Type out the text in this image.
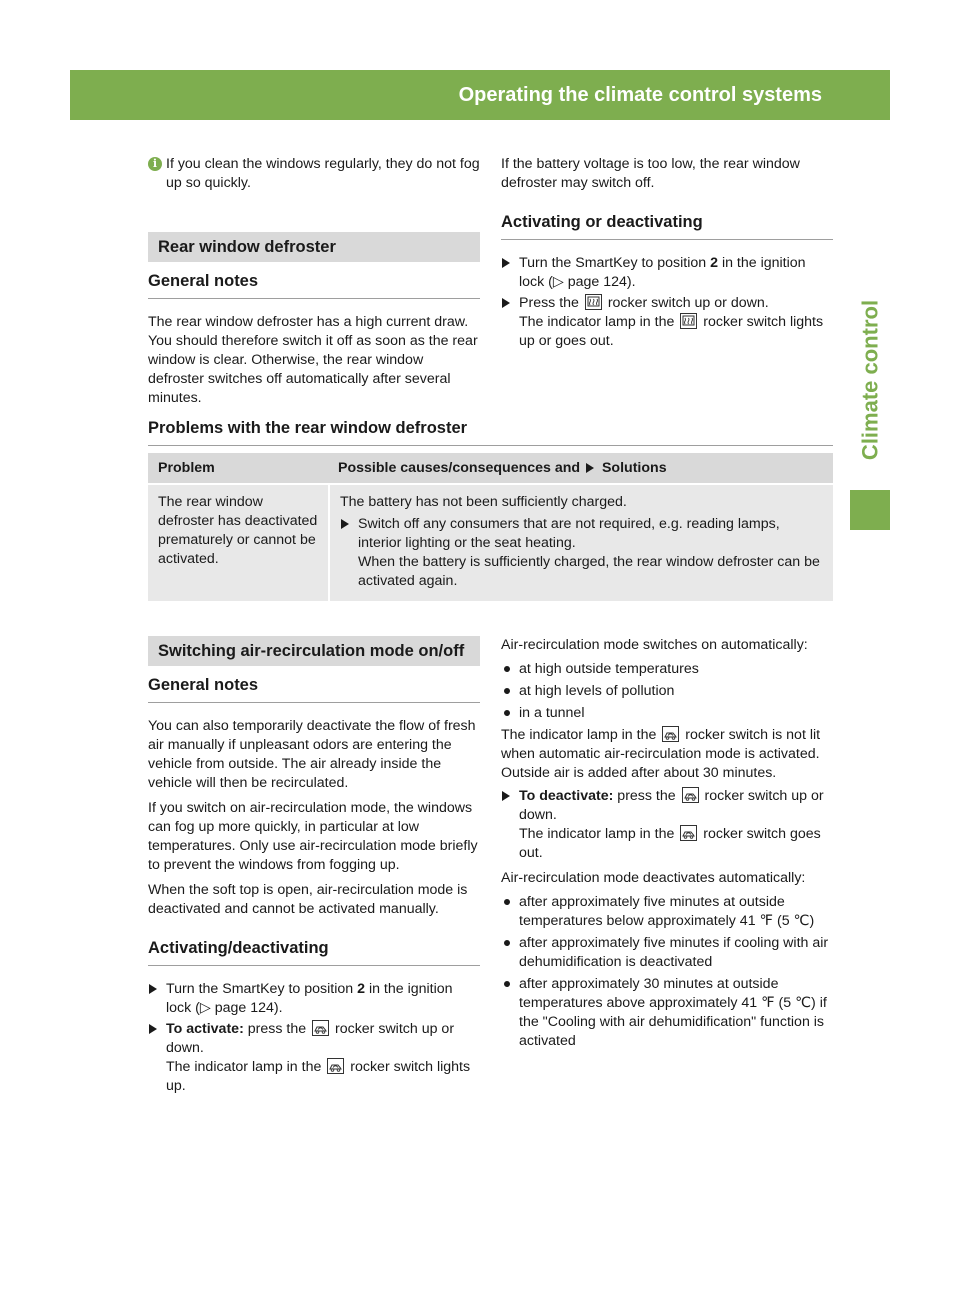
Operating the climate control systems	119
Climate control
i If you clean the windows regularly, they do not fog up so quickly.
Rear window defroster
General notes

The rear window defroster has a high current draw. You should therefore switch it off as soon as the rear window is clear. Otherwise, the rear window defroster switches off automatically after several minutes.

If the battery voltage is too low, the rear window defroster may switch off.

Activating or deactivating
Turn the SmartKey to position 2 in the ignition lock (▷ page 124).
Press the
rocker switch up or down.
The indicator lamp in the
rocker switch lights up or goes out.
Problems with the rear window defroster
Problem	Possible causes/consequences and  Solutions
The rear window defroster has deactivated prematurely or cannot be activated.

The battery has not been sufficiently charged.

Switch off any consumers that are not required, e.g. reading lamps, interior lighting or the seat heating.
When the battery is sufficiently charged, the rear window defroster can be activated again.
Switching air-recirculation mode on/off
General notes

You can also temporarily deactivate the flow of fresh air manually if unpleasant odors are entering the vehicle from outside. The air already inside the vehicle will then be recirculated.

If you switch on air-recirculation mode, the windows can fog up more quickly, in particular at low temperatures. Only use air-recirculation mode briefly to prevent the windows from fogging up.

When the soft top is open, air-recirculation mode is deactivated and cannot be activated manually.

Activating/deactivating
Turn the SmartKey to position 2 in the ignition lock (▷ page 124).
To activate: press the
rocker switch up or down.
The indicator lamp in the
rocker switch lights up.

Air-recirculation mode switches on automatically:

at high outside temperatures
at high levels of pollution
in a tunnel

The indicator lamp in the
rocker switch is not lit when automatic air-recirculation mode is activated. Outside air is added after about 30 minutes.

To deactivate: press the
rocker switch up or down.
The indicator lamp in the
rocker switch goes out.

Air-recirculation mode deactivates automatically:

after approximately five minutes at outside temperatures below approximately 41 ℉ (5 ℃)
after approximately five minutes if cooling with air dehumidification is deactivated
after approximately 30 minutes at outside temperatures above approximately 41 ℉ (5 ℃) if the "Cooling with air dehumidification" function is activated
